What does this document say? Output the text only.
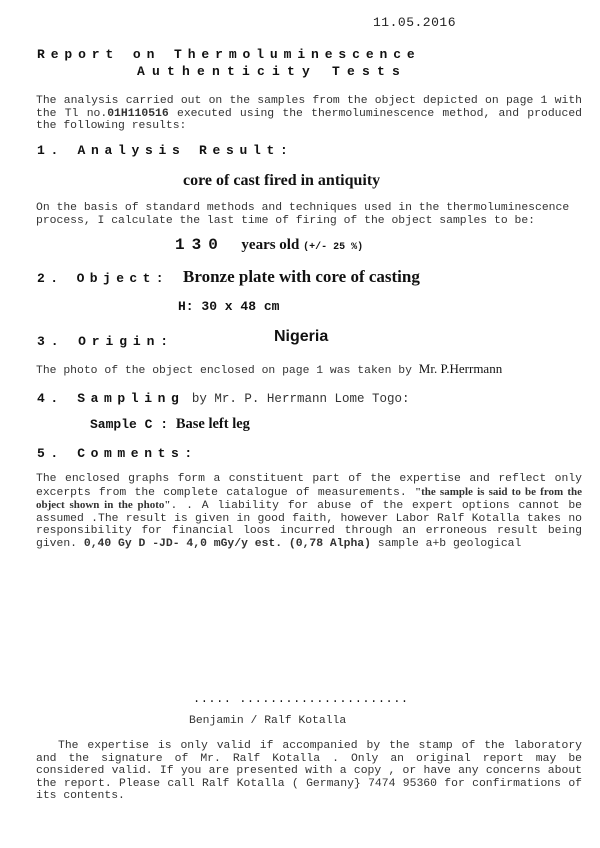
11.05.2016
Report on Thermoluminescence
Authenticity Tests
The analysis carried out on the samples from the object depicted on page 1 with the Tl no.01H110516 executed using the thermoluminescence method, and produced the following results:
1. Analysis Result:
core of cast fired in antiquity
On the basis of standard methods and techniques used in the thermoluminescence process, I calculate the last time of firing of the object samples to be:
130 years old (+/- 25 %)
2. Object: Bronze plate with core of casting
H: 30 x 48 cm
3. Origin:	Nigeria
The photo of the object enclosed on page 1 was taken by Mr. P.Herrmann
4. Sampling by Mr. P. Herrmann Lome Togo:
Sample C : Base left leg
5. Comments:
The enclosed graphs form a constituent part of the expertise and reflect only excerpts from the complete catalogue of measurements. "the sample is said to be from the object shown in the photo". . A liability for abuse of the expert options cannot be assumed .The result is given in good faith, however Labor Ralf Kotalla takes no responsibility for financial loos incurred through an erroneous result being given. 0,40 Gy D -JD- 4,0 mGy/y est. (0,78 Alpha) sample a+b geological
..... ......................
Benjamin / Ralf Kotalla
The expertise is only valid if accompanied by the stamp of the laboratory and the signature of Mr. Ralf Kotalla . Only an original report may be considered valid. If you are presented with a copy , or have any concerns about the report. Please call Ralf Kotalla ( Germany} 7474 95360 for confirmations of its contents.
